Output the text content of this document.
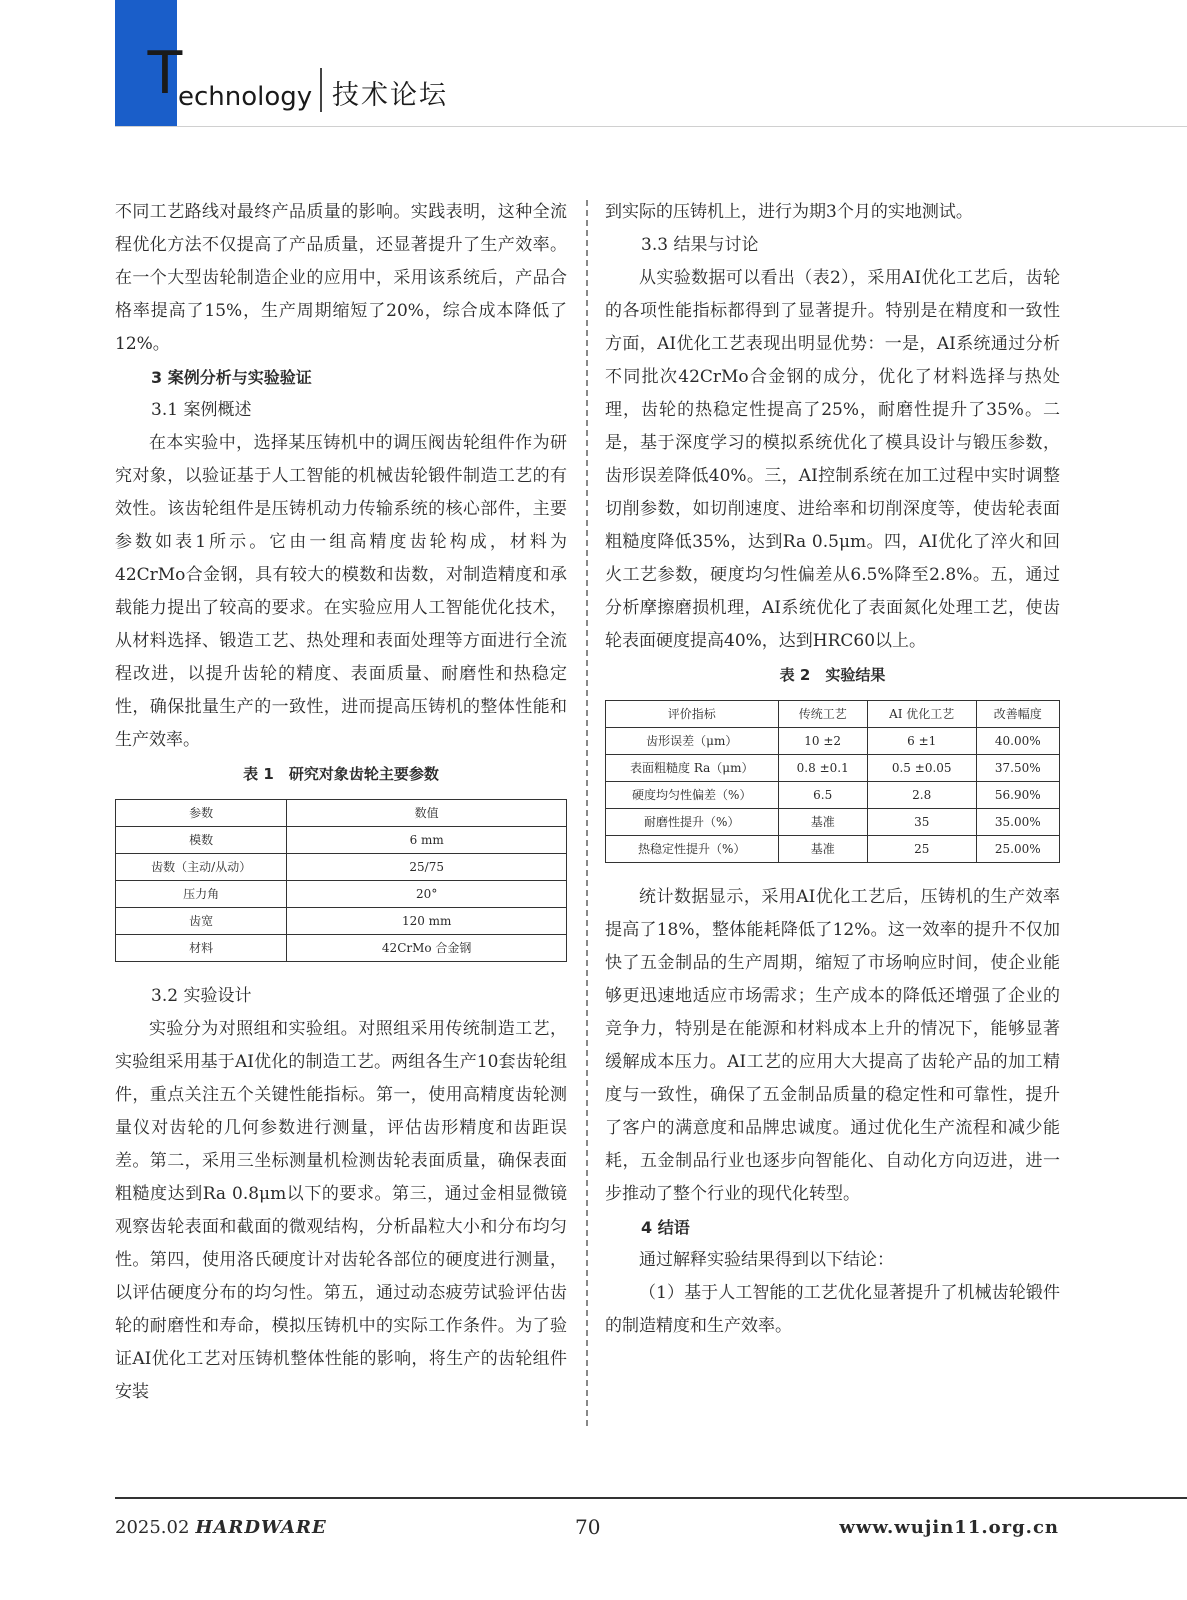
T
echnology 技术论坛

不同工艺路线对最终产品质量的影响。实践表明，这种全流程优化方法不仅提高了产品质量，还显著提升了生产效率。在一个大型齿轮制造企业的应用中，采用该系统后，产品合格率提高了15%，生产周期缩短了20%，综合成本降低了12%。

3 案例分析与实验验证
3.1 案例概述

在本实验中，选择某压铸机中的调压阀齿轮组件作为研究对象，以验证基于人工智能的机械齿轮锻件制造工艺的有效性。该齿轮组件是压铸机动力传输系统的核心部件，主要参数如表1所示。它由一组高精度齿轮构成，材料为42CrMo合金钢，具有较大的模数和齿数，对制造精度和承载能力提出了较高的要求。在实验应用人工智能优化技术，从材料选择、锻造工艺、热处理和表面处理等方面进行全流程改进，以提升齿轮的精度、表面质量、耐磨性和热稳定性，确保批量生产的一致性，进而提高压铸机的整体性能和生产效率。

表 1　研究对象齿轮主要参数
参数	数值
模数	6 mm
齿数（主动/从动）	25/75
压力角	20°
齿宽	120 mm
材料	42CrMo 合金钢
3.2 实验设计

实验分为对照组和实验组。对照组采用传统制造工艺，实验组采用基于AI优化的制造工艺。两组各生产10套齿轮组件，重点关注五个关键性能指标。第一，使用高精度齿轮测量仪对齿轮的几何参数进行测量，评估齿形精度和齿距误差。第二，采用三坐标测量机检测齿轮表面质量，确保表面粗糙度达到Ra 0.8μm以下的要求。第三，通过金相显微镜观察齿轮表面和截面的微观结构，分析晶粒大小和分布均匀性。第四，使用洛氏硬度计对齿轮各部位的硬度进行测量，以评估硬度分布的均匀性。第五，通过动态疲劳试验评估齿轮的耐磨性和寿命，模拟压铸机中的实际工作条件。为了验证AI优化工艺对压铸机整体性能的影响，将生产的齿轮组件安装

到实际的压铸机上，进行为期3个月的实地测试。

3.3 结果与讨论

从实验数据可以看出（表2），采用AI优化工艺后，齿轮的各项性能指标都得到了显著提升。特别是在精度和一致性方面，AI优化工艺表现出明显优势：一是，AI系统通过分析不同批次42CrMo合金钢的成分，优化了材料选择与热处理，齿轮的热稳定性提高了25%，耐磨性提升了35%。二是，基于深度学习的模拟系统优化了模具设计与锻压参数，齿形误差降低40%。三，AI控制系统在加工过程中实时调整切削参数，如切削速度、进给率和切削深度等，使齿轮表面粗糙度降低35%，达到Ra 0.5μm。四，AI优化了淬火和回火工艺参数，硬度均匀性偏差从6.5%降至2.8%。五，通过分析摩擦磨损机理，AI系统优化了表面氮化处理工艺，使齿轮表面硬度提高40%，达到HRC60以上。

表 2　实验结果
评价指标	传统工艺	AI 优化工艺	改善幅度
齿形误差（μm）	10 ±2	6 ±1	40.00%
表面粗糙度 Ra（μm）	0.8 ±0.1	0.5 ±0.05	37.50%
硬度均匀性偏差（%）	6.5	2.8	56.90%
耐磨性提升（%）	基准	35	35.00%
热稳定性提升（%）	基准	25	25.00%

统计数据显示，采用AI优化工艺后，压铸机的生产效率提高了18%，整体能耗降低了12%。这一效率的提升不仅加快了五金制品的生产周期，缩短了市场响应时间，使企业能够更迅速地适应市场需求；生产成本的降低还增强了企业的竞争力，特别是在能源和材料成本上升的情况下，能够显著缓解成本压力。AI工艺的应用大大提高了齿轮产品的加工精度与一致性，确保了五金制品质量的稳定性和可靠性，提升了客户的满意度和品牌忠诚度。通过优化生产流程和减少能耗，五金制品行业也逐步向智能化、自动化方向迈进，进一步推动了整个行业的现代化转型。

4 结语

通过解释实验结果得到以下结论：

（1）基于人工智能的工艺优化显著提升了机械齿轮锻件的制造精度和生产效率。

2025.02 HARDWARE	70	www.wujin11.org.cn
